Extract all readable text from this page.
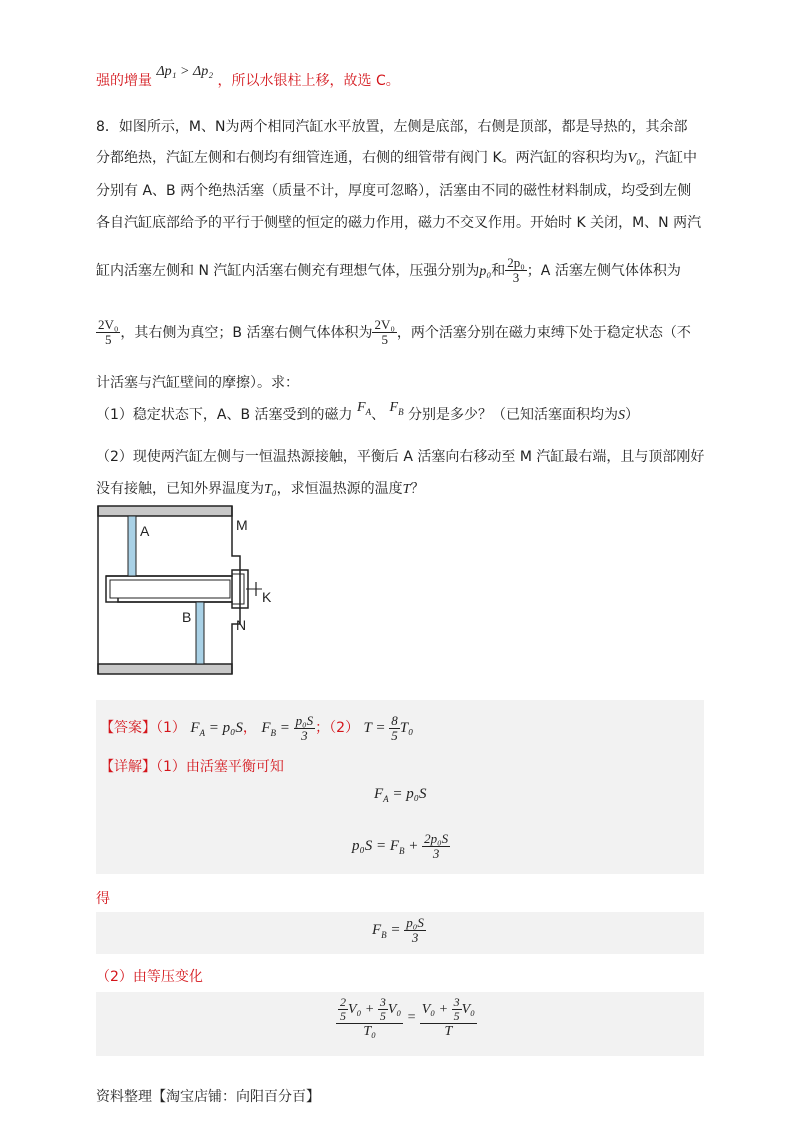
强的增量 Δp₁ > Δp₂ ，所以水银柱上移，故选 C。
8．如图所示，M、N为两个相同汽缸水平放置，左侧是底部，右侧是顶部，都是导热的，其余部
分都绝热，汽缸左侧和右侧均有细管连通，右侧的细管带有阀门 K。两汽缸的容积均为V₀，汽缸中
分别有 A、B 两个绝热活塞（质量不计，厚度可忽略），活塞由不同的磁性材料制成，均受到左侧
各自汽缸底部给予的平行于侧壁的恒定的磁力作用，磁力不交叉作用。开始时 K 关闭，M、N 两汽
缸内活塞左侧和 N 汽缸内活塞右侧充有理想气体，压强分别为p₀和 $\frac{\text{2p₀}}{3}$ ；A 活塞左侧气体体积为
$\frac{\text{2V₀}}{5}$ ，其右侧为真空；B 活塞右侧气体体积为 $\frac{\text{2V₀}}{5}$ ，两个活塞分别在磁力束缚下处于稳定状态（不
计活塞与汽缸壁间的摩擦）。求：
（1）稳定状态下，A、B 活塞受到的磁力 $F_A$、 $F_B$ 分别是多少？（已知活塞面积均为S）
（2）现使两汽缸左侧与一恒温热源接触，平衡后 A 活塞向右移动至 M 汽缸最右端，且与顶部刚好
没有接触，已知外界温度为T₀，求恒温热源的温度T？
A
B
M
N
K
【答案】（1） $F_A = p_0S$， $F_B = \frac{\text{p₀S}}{3}$ ；（2） $T = \frac{8}{5} T_0$
【详解】（1）由活塞平衡可知
$F_A = p_0S$
$p_0S = F_B + \frac{\text{2p₀S}}{3}$
得
$F_B = \frac{\text{p₀S}}{3}$
（2）由等压变化
$\frac{\frac{2}{5} V_0 + \frac{3}{5} V_0}{\text{T₀}} = \frac{V_0 + \frac{3}{5} V_0}{T}$
资料整理【淘宝店铺：向阳百分百】
